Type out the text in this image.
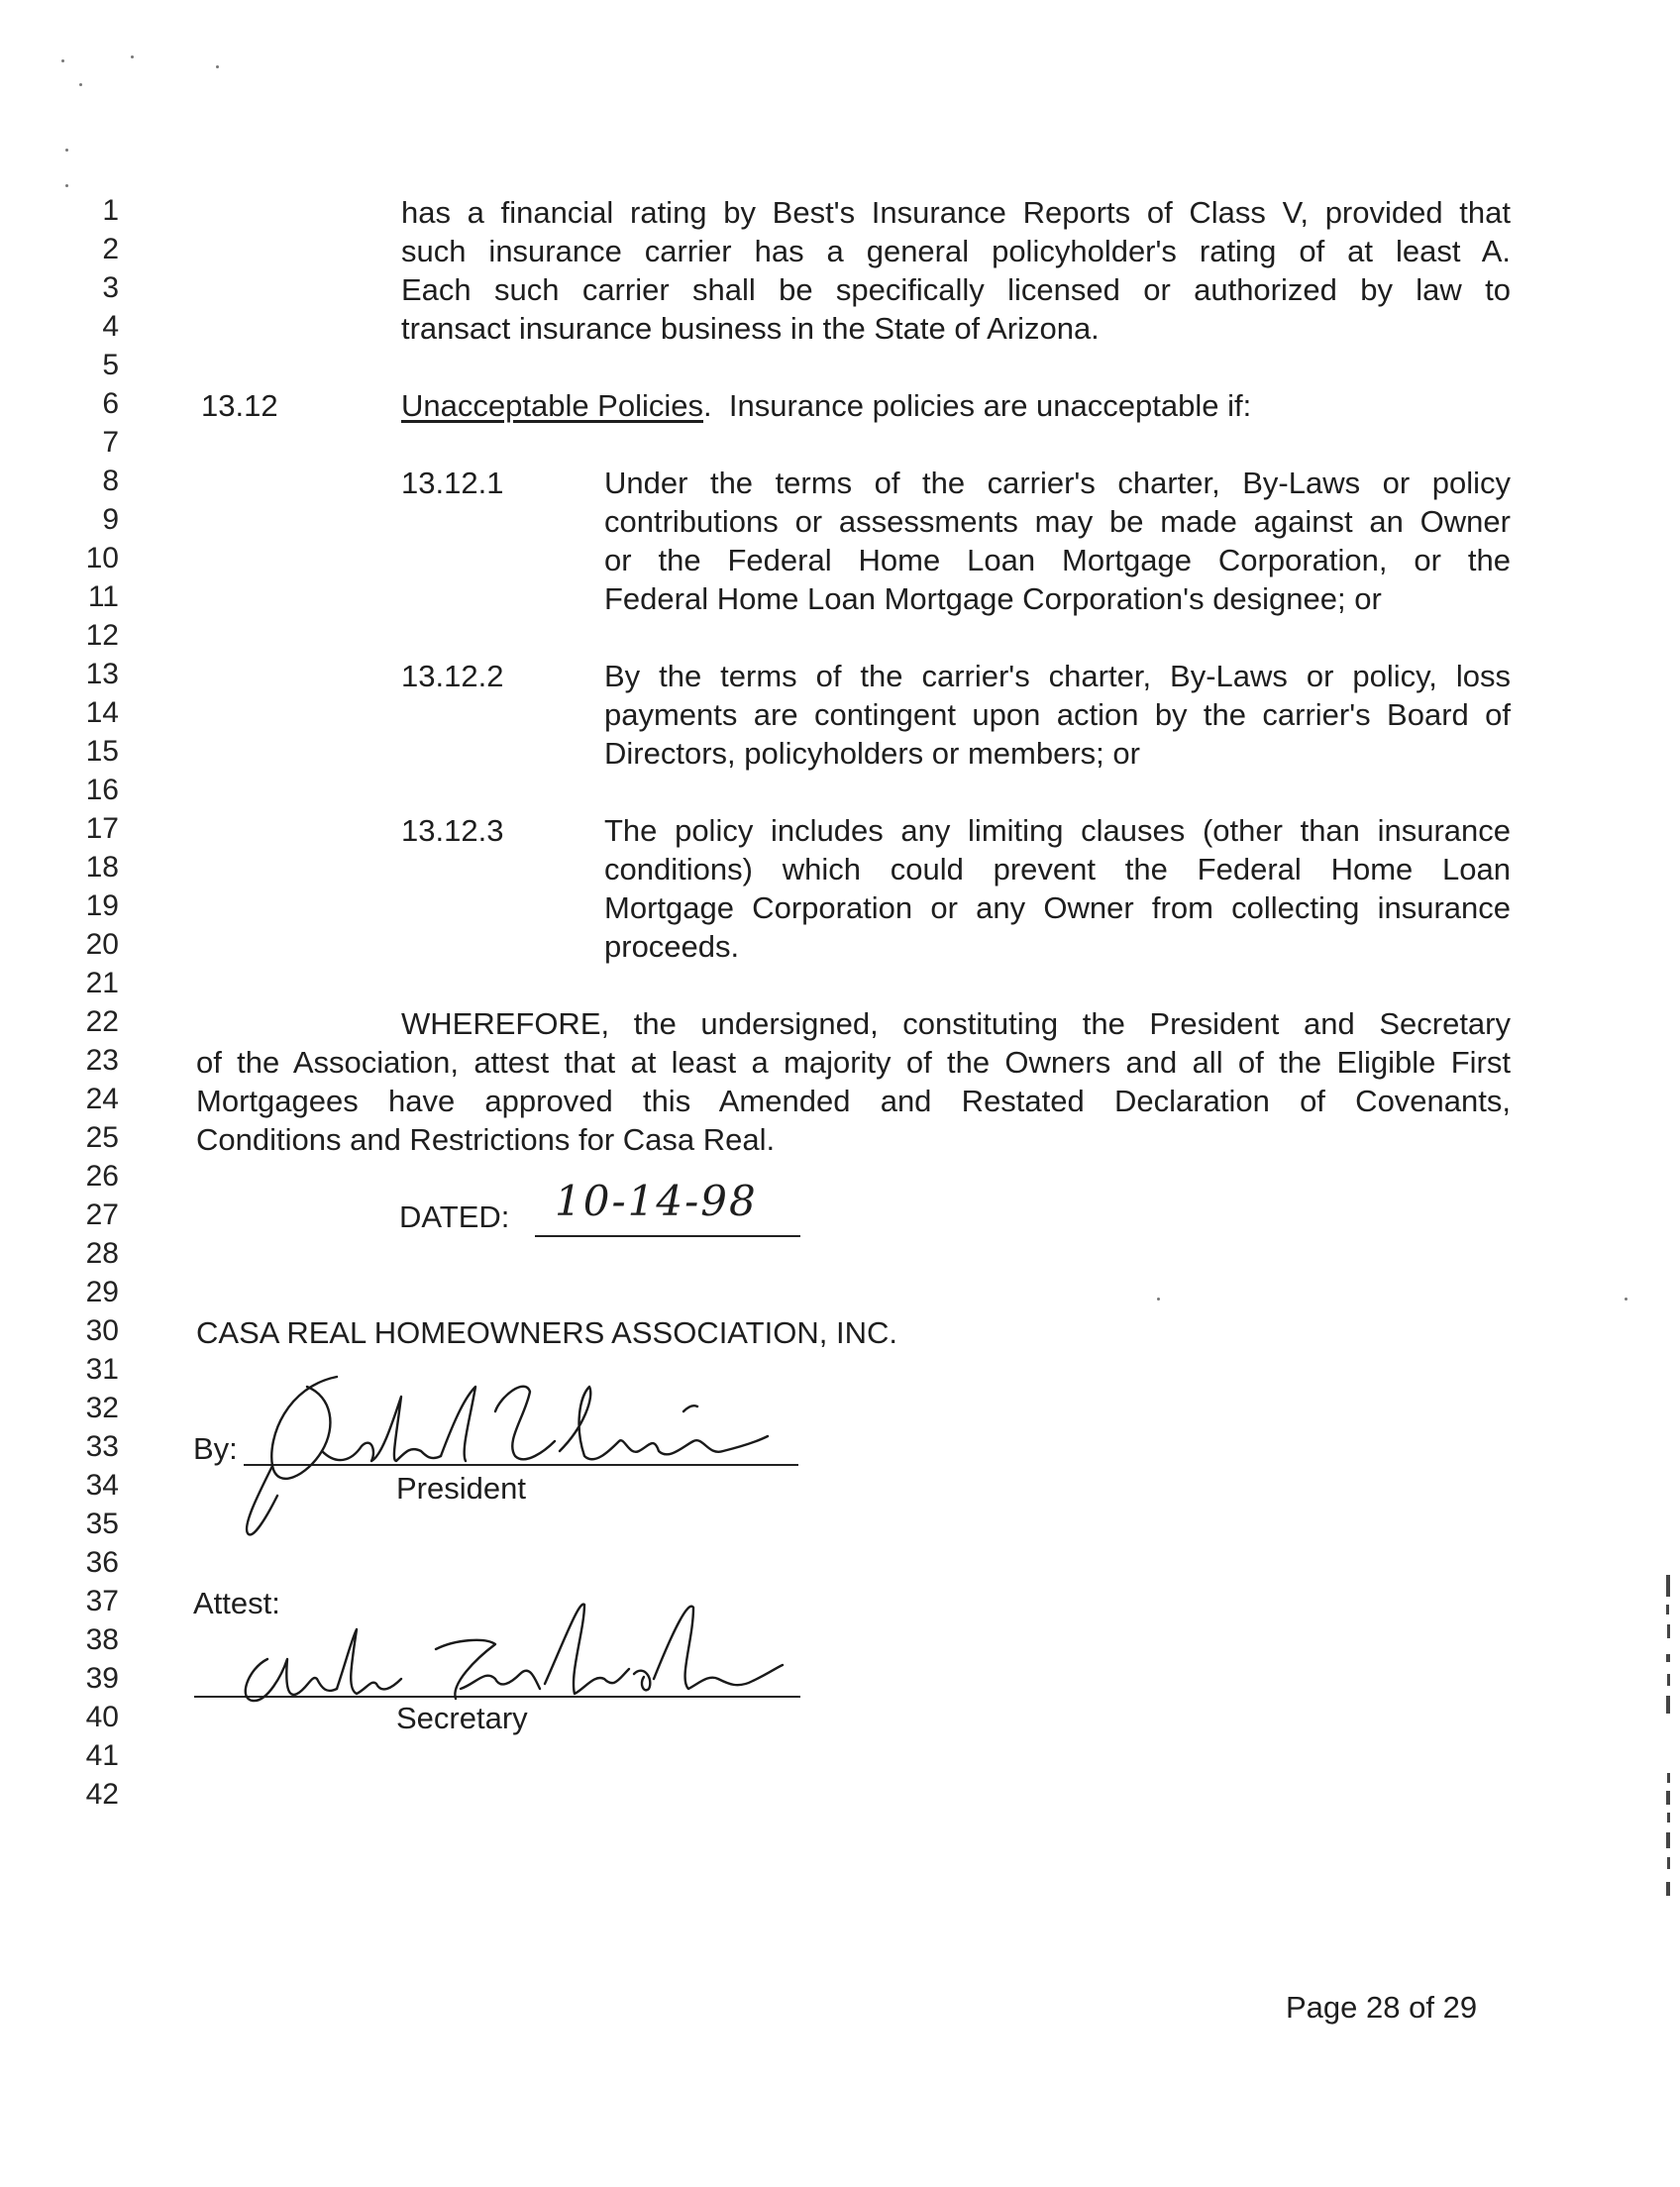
1
2
3
4
5
6
7
8
9
10
11
12
13
14
15
16
17
18
19
20
21
22
23
24
25
26
27
28
29
30
31
32
33
34
35
36
37
38
39
40
41
42
has a financial rating by Best's Insurance Reports of Class V, provided that
such insurance carrier has a general policyholder's rating of at least A.
Each such carrier shall be specifically licensed or authorized by law to
transact insurance business in the State of Arizona.
13.12	Unacceptable Policies. Insurance policies are unacceptable if:
13.12.1	Under the terms of the carrier's charter, By-Laws or policy
contributions or assessments may be made against an Owner
or the Federal Home Loan Mortgage Corporation, or the
Federal Home Loan Mortgage Corporation's designee; or
13.12.2	By the terms of the carrier's charter, By-Laws or policy, loss
payments are contingent upon action by the carrier's Board of
Directors, policyholders or members; or
13.12.3	The policy includes any limiting clauses (other than insurance
conditions) which could prevent the Federal Home Loan
Mortgage Corporation or any Owner from collecting insurance
proceeds.
WHEREFORE, the undersigned, constituting the President and Secretary
of the Association, attest that at least a majority of the Owners and all of the Eligible First
Mortgagees have approved this Amended and Restated Declaration of Covenants,
Conditions and Restrictions for Casa Real.
DATED: 10-14-98
CASA REAL HOMEOWNERS ASSOCIATION, INC.
By:
President
Attest:
Secretary
Page 28 of 29
